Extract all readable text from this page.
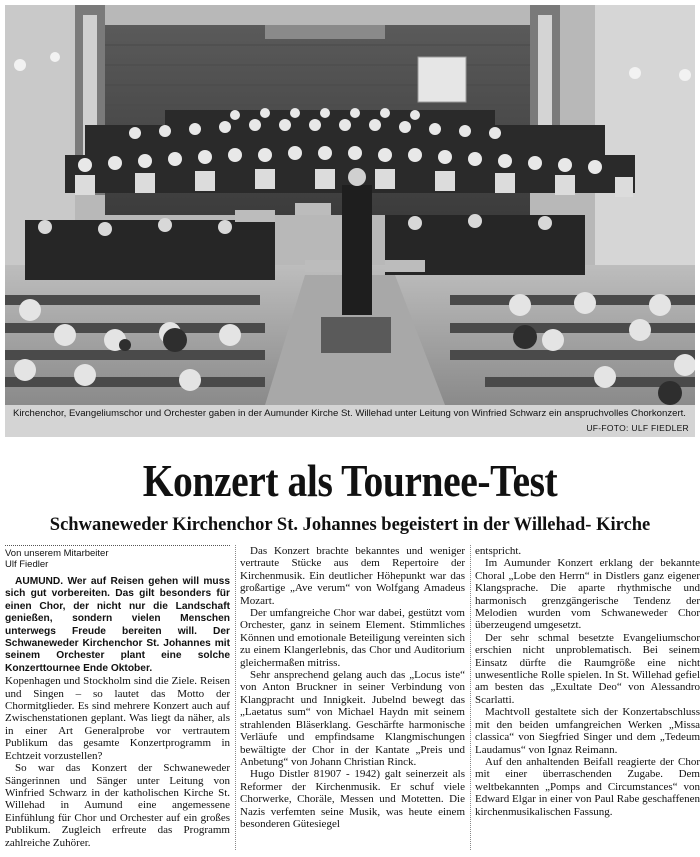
Kirchenchor, Evangeliumschor und Orchester gaben in der Aumunder Kirche St. Willehad unter Leitung von Winfried Schwarz ein anspruchvolles Chorkonzert.
UF-FOTO: ULF FIEDLER
Konzert als Tournee-Test
Schwaneweder Kirchenchor St. Johannes begeistert in der Willehad- Kirche
Von unserem Mitarbeiter
Ulf Fiedler

AUMUND. Wer auf Reisen gehen will muss sich gut vorbereiten. Das gilt besonders für einen Chor, der nicht nur die Landschaft genießen, sondern vielen Menschen unterwegs Freude bereiten will. Der Schwaneweder Kirchenchor St. Johannes mit seinem Orchester plant eine solche Konzerttournee Ende Oktober.

Kopenhagen und Stockholm sind die Ziele. Reisen und Singen – so lautet das Motto der Chormitglieder. Es sind mehrere Konzert auch auf Zwischenstationen geplant. Was liegt da näher, als in einer Art Generalprobe vor vertrautem Publikum das gesamte Konzertprogramm in Echtzeit vorzustellen?

So war das Konzert der Schwaneweder Sängerinnen und Sänger unter Leitung von Winfried Schwarz in der katholischen Kirche St. Willehad in Aumund eine angemessene Einfühlung für Chor und Orchester auf ein großes Publikum. Zugleich erfreute das Programm zahlreiche Zuhörer.

Das Konzert brachte bekanntes und weniger vertraute Stücke aus dem Repertoire der Kirchenmusik. Ein deutlicher Höhepunkt war das großartige „Ave verum“ von Wolfgang Amadeus Mozart.

Der umfangreiche Chor war dabei, gestützt vom Orchester, ganz in seinem Element. Stimmliches Können und emotionale Beteiligung vereinten sich zu einem Klangerlebnis, das Chor und Auditorium gleichermaßen mitriss.

Sehr ansprechend gelang auch das „Locus iste“ von Anton Bruckner in seiner Verbindung von Klangpracht und Innigkeit. Jubelnd bewegt das „Laetatus sum“ von Michael Haydn mit seinem strahlenden Bläserklang. Geschärfte harmonische Verläufe und empfindsame Klangmischungen bewältigte der Chor in der Kantate „Preis und Anbetung“ von Johann Christian Rinck.

Hugo Distler 81907 - 1942) galt seinerzeit als Reformer der Kirchenmusik. Er schuf viele Chorwerke, Choräle, Messen und Motetten. Die Nazis verfemten seine Musik, was heute einem besonderen Gütesiegel

entspricht.

Im Aumunder Konzert erklang der bekannte Choral „Lobe den Herrn“ in Distlers ganz eigener Klangsprache. Die aparte rhythmische und harmonisch grenzgängerische Tendenz der Melodien wurden vom Schwaneweder Chor überzeugend umgesetzt.

Der sehr schmal besetzte Evangeliumschor erschien nicht unproblematisch. Bei seinem Einsatz dürfte die Raumgröße eine nicht unwesentliche Rolle spielen. In St. Willehad gefiel am besten das „Exultate Deo“ von Alessandro Scarlatti.

Machtvoll gestaltete sich der Konzertabschluss mit den beiden umfangreichen Werken „Missa classica“ von Siegfried Singer und dem „Tedeum Laudamus“ von Ignaz Reimann.

Auf den anhaltenden Beifall reagierte der Chor mit einer überraschenden Zugabe. Dem weltbekannten „Pomps and Circumstances“ von Edward Elgar in einer von Paul Rabe geschaffenen kirchenmusikalischen Fassung.
